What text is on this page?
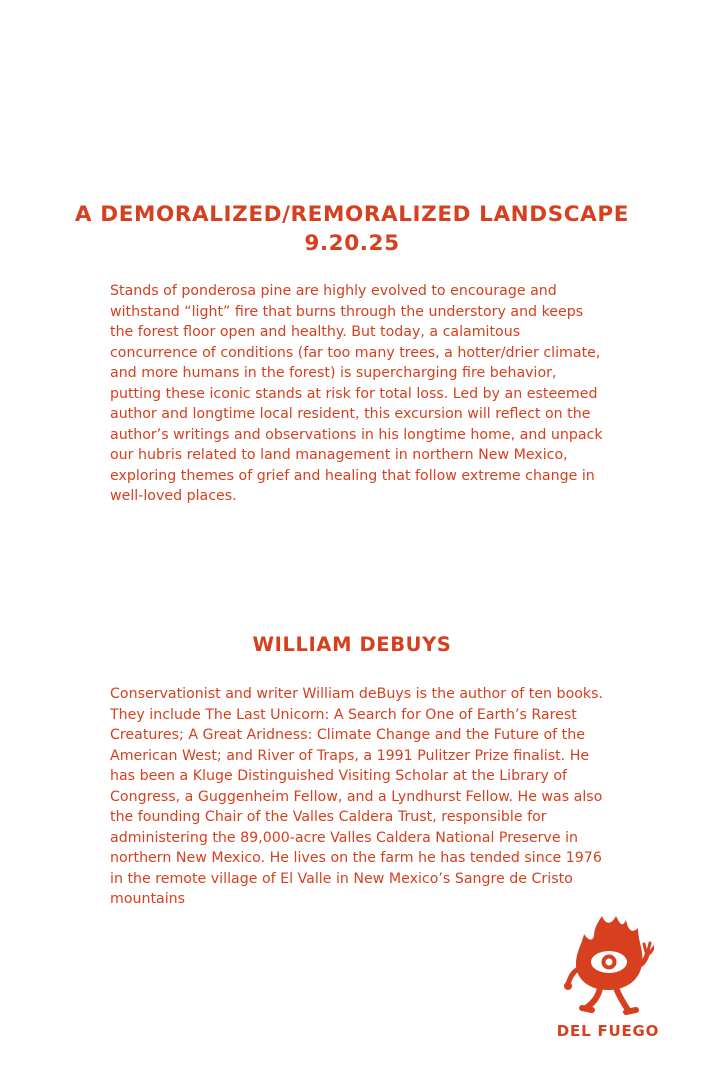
A DEMORALIZED/REMORALIZED LANDSCAPE
9.20.25

Stands of ponderosa pine are highly evolved to encourage and withstand “light” fire that burns through the understory and keeps the forest floor open and healthy. But today, a calamitous concurrence of conditions (far too many trees, a hotter/drier climate, and more humans in the forest) is supercharging fire behavior, putting these iconic stands at risk for total loss. Led by an esteemed author and longtime local resident, this excursion will reflect on the author’s writings and observations in his longtime home, and unpack our hubris related to land management in northern New Mexico, exploring themes of grief and healing that follow extreme change in well-loved places.

WILLIAM DEBUYS

Conservationist and writer William deBuys is the author of ten books. They include The Last Unicorn: A Search for One of Earth’s Rarest Creatures; A Great Aridness: Climate Change and the Future of the American West; and River of Traps, a 1991 Pulitzer Prize finalist. He has been a Kluge Distinguished Visiting Scholar at the Library of Congress, a Guggenheim Fellow, and a Lyndhurst Fellow. He was also the founding Chair of the Valles Caldera Trust, responsible for administering the 89,000-acre Valles Caldera National Preserve in northern New Mexico. He lives on the farm he has tended since 1976 in the remote village of El Valle in New Mexico’s Sangre de Cristo mountains

DEL FUEGO
